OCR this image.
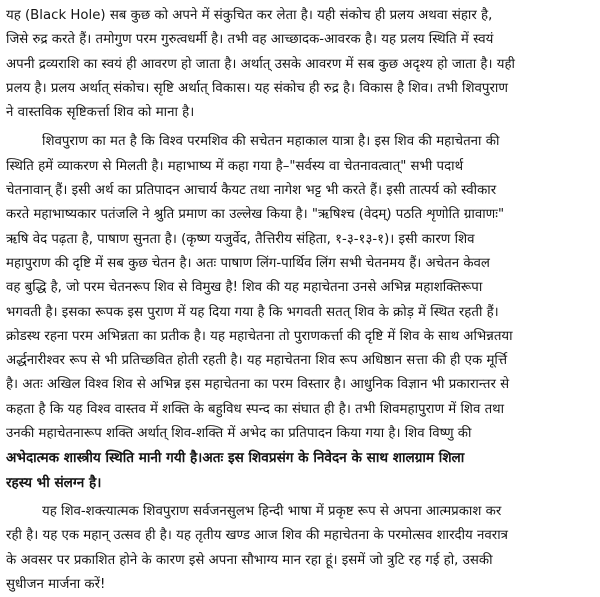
यह (Black Hole) सब कुछ को अपने में संकुचित कर लेता है। यही संकोच ही प्रलय अथवा संहार है,
जिसे रुद्र करते हैं। तमोगुण परम गुरुत्वधर्मी है। तभी वह आच्छादक-आवरक है। यह प्रलय स्थिति में स्वयं
अपनी द्रव्यराशि का स्वयं ही आवरण हो जाता है। अर्थात् उसके आवरण में सब कुछ अदृश्य हो जाता है। यही
प्रलय है। प्रलय अर्थात् संकोच। सृष्टि अर्थात् विकास। यह संकोच ही रुद्र है। विकास है शिव। तभी शिवपुराण
ने वास्तविक सृष्टिकर्त्ता शिव को माना है।
शिवपुराण का मत है कि विश्व परमशिव की सचेतन महाकाल यात्रा है। इस शिव की महाचेतना की
स्थिति हमें व्याकरण से मिलती है। महाभाष्य में कहा गया है–"सर्वस्य वा चेतनावत्वात्" सभी पदार्थ
चेतनावान् हैं। इसी अर्थ का प्रतिपादन आचार्य कैयट तथा नागेश भट्ट भी करते हैं। इसी तात्पर्य को स्वीकार
करते महाभाष्यकार पतंजलि ने श्रुति प्रमाण का उल्लेख किया है। "ऋषिश्च (वेदम्) पठति शृणोति ग्रावाणः"
ऋषि वेद पढ़ता है, पाषाण सुनता है। (कृष्ण यजुर्वेद, तैत्तिरीय संहिता, १-३-१३-१)। इसी कारण शिव
महापुराण की दृष्टि में सब कुछ चेतन है। अतः पाषाण लिंग-पार्थिव लिंग सभी चेतनमय हैं। अचेतन केवल
वह बुद्धि है, जो परम चेतनरूप शिव से विमुख है! शिव की यह महाचेतना उनसे अभिन्न महाशक्तिरूपा
भगवती है। इसका रूपक इस पुराण में यह दिया गया है कि भगवती सतत् शिव के क्रोड़ में स्थित रहती हैं।
क्रोडस्थ रहना परम अभिन्नता का प्रतीक है। यह महाचेतना तो पुराणकर्त्ता की दृष्टि में शिव के साथ अभिन्नतया
अर्द्धनारीश्वर रूप से भी प्रतिच्छवित होती रहती है। यह महाचेतना शिव रूप अधिष्ठान सत्ता की ही एक मूर्त्ति
है। अतः अखिल विश्व शिव से अभिन्न इस महाचेतना का परम विस्तार है। आधुनिक विज्ञान भी प्रकारान्तर से
कहता है कि यह विश्व वास्तव में शक्ति के बहुविध स्पन्द का संघात ही है। तभी शिवमहापुराण में शिव तथा
उनकी महाचेतनारूप शक्ति अर्थात् शिव-शक्ति में अभेद का प्रतिपादन किया गया है। शिव विष्णु की
अभेदात्मक शास्त्रीय स्थिति मानी गयी है।अतः इस शिवप्रसंग के निवेदन के साथ शालग्राम शिला
रहस्य भी संलग्न है।
यह शिव-शक्त्यात्मक शिवपुराण सर्वजनसुलभ हिन्दी भाषा में प्रकृष्ट रूप से अपना आत्मप्रकाश कर
रही है। यह एक महान् उत्सव ही है। यह तृतीय खण्ड आज शिव की महाचेतना के परमोत्सव शारदीय नवरात्र
के अवसर पर प्रकाशित होने के कारण इसे अपना सौभाग्य मान रहा हूं। इसमें जो त्रुटि रह गई हो, उसकी
सुधीजन मार्जना करें!
